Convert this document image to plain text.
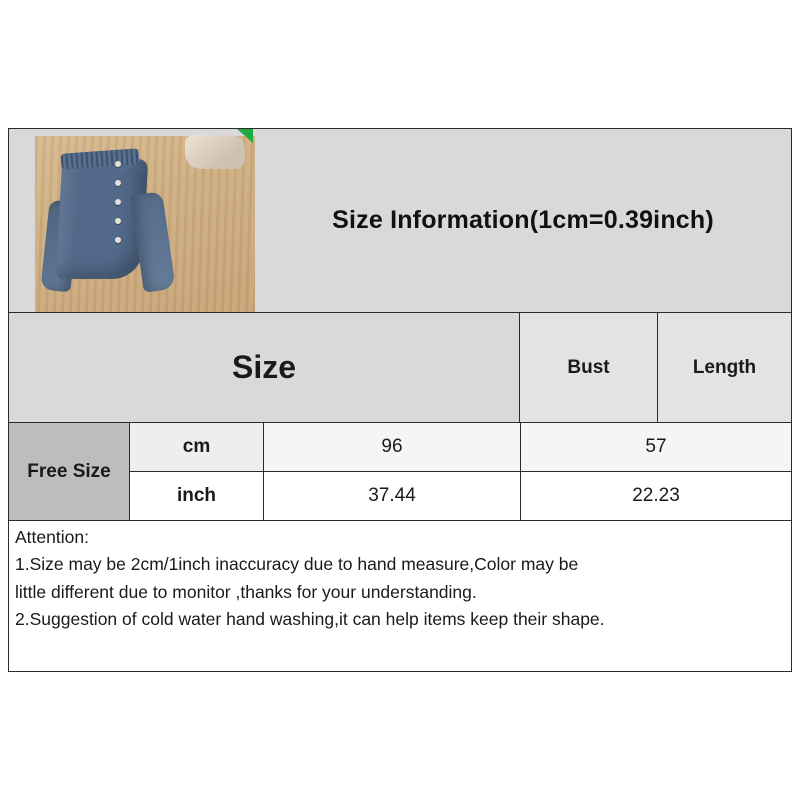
Size Information(1cm=0.39inch)
Size	Bust	Length
Free Size
cm	96	57
inch	37.44	22.23

Attention:

1.Size may be 2cm/1inch inaccuracy due to hand measure,Color may be

little different due to monitor ,thanks for your understanding.

2.Suggestion of cold water hand washing,it can help items keep their shape.
